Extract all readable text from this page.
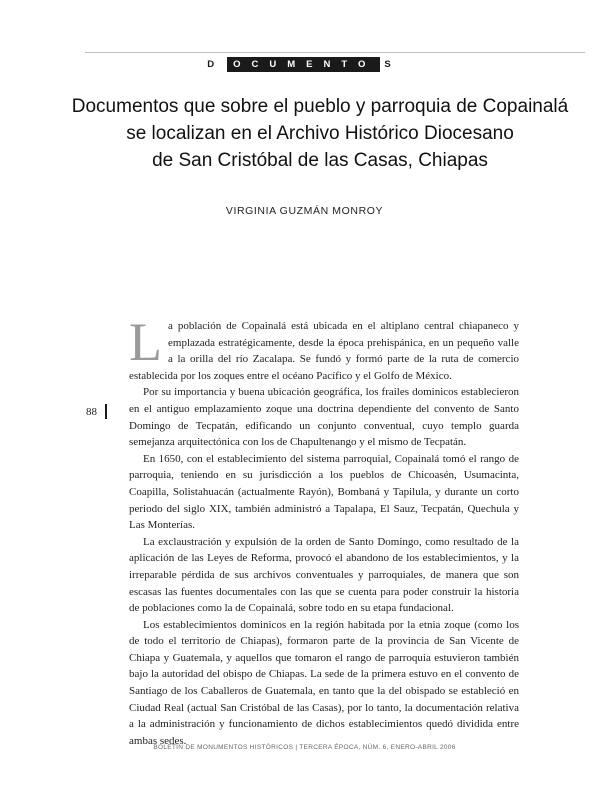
D OCUMENTO S
Documentos que sobre el pueblo y parroquia de Copainalá
se localizan en el Archivo Histórico Diocesano
de San Cristóbal de las Casas, Chiapas
VIRGINIA GUZMÁN MONROY
88

La población de Copainalá está ubicada en el altiplano central chiapaneco y emplazada estratégicamente, desde la época prehispánica, en un pequeño valle a la orilla del río Zacalapa. Se fundó y formó parte de la ruta de comercio establecida por los zoques entre el océano Pacífico y el Golfo de México.

Por su importancia y buena ubicación geográfica, los frailes dominicos establecieron en el antiguo emplazamiento zoque una doctrina dependiente del convento de Santo Domingo de Tecpatán, edificando un conjunto conventual, cuyo templo guarda semejanza arquitectónica con los de Chapultenango y el mismo de Tecpatán.

En 1650, con el establecimiento del sistema parroquial, Copainalá tomó el rango de parroquia, teniendo en su jurisdicción a los pueblos de Chicoasén, Usumacinta, Coapilla, Solistahuacán (actualmente Rayón), Bombaná y Tapilula, y durante un corto periodo del siglo XIX, también administró a Tapalapa, El Sauz, Tecpatán, Quechula y Las Monterías.

La exclaustración y expulsión de la orden de Santo Domingo, como resultado de la aplicación de las Leyes de Reforma, provocó el abandono de los establecimientos, y la irreparable pérdida de sus archivos conventuales y parroquiales, de manera que son escasas las fuentes documentales con las que se cuenta para poder construir la historia de poblaciones como la de Copainalá, sobre todo en su etapa fundacional.

Los establecimientos dominicos en la región habitada por la etnia zoque (como los de todo el territorio de Chiapas), formaron parte de la provincia de San Vicente de Chiapa y Guatemala, y aquellos que tomaron el rango de parroquia estuvieron también bajo la autoridad del obispo de Chiapas. La sede de la primera estuvo en el convento de Santiago de los Caballeros de Guatemala, en tanto que la del obispado se estableció en Ciudad Real (actual San Cristóbal de las Casas), por lo tanto, la documentación relativa a la administración y funcionamiento de dichos establecimientos quedó dividida entre ambas sedes.

BOLETÍN DE MONUMENTOS HISTÓRICOS | TERCERA ÉPOCA, NÚM. 6, ENERO-ABRIL 2006
